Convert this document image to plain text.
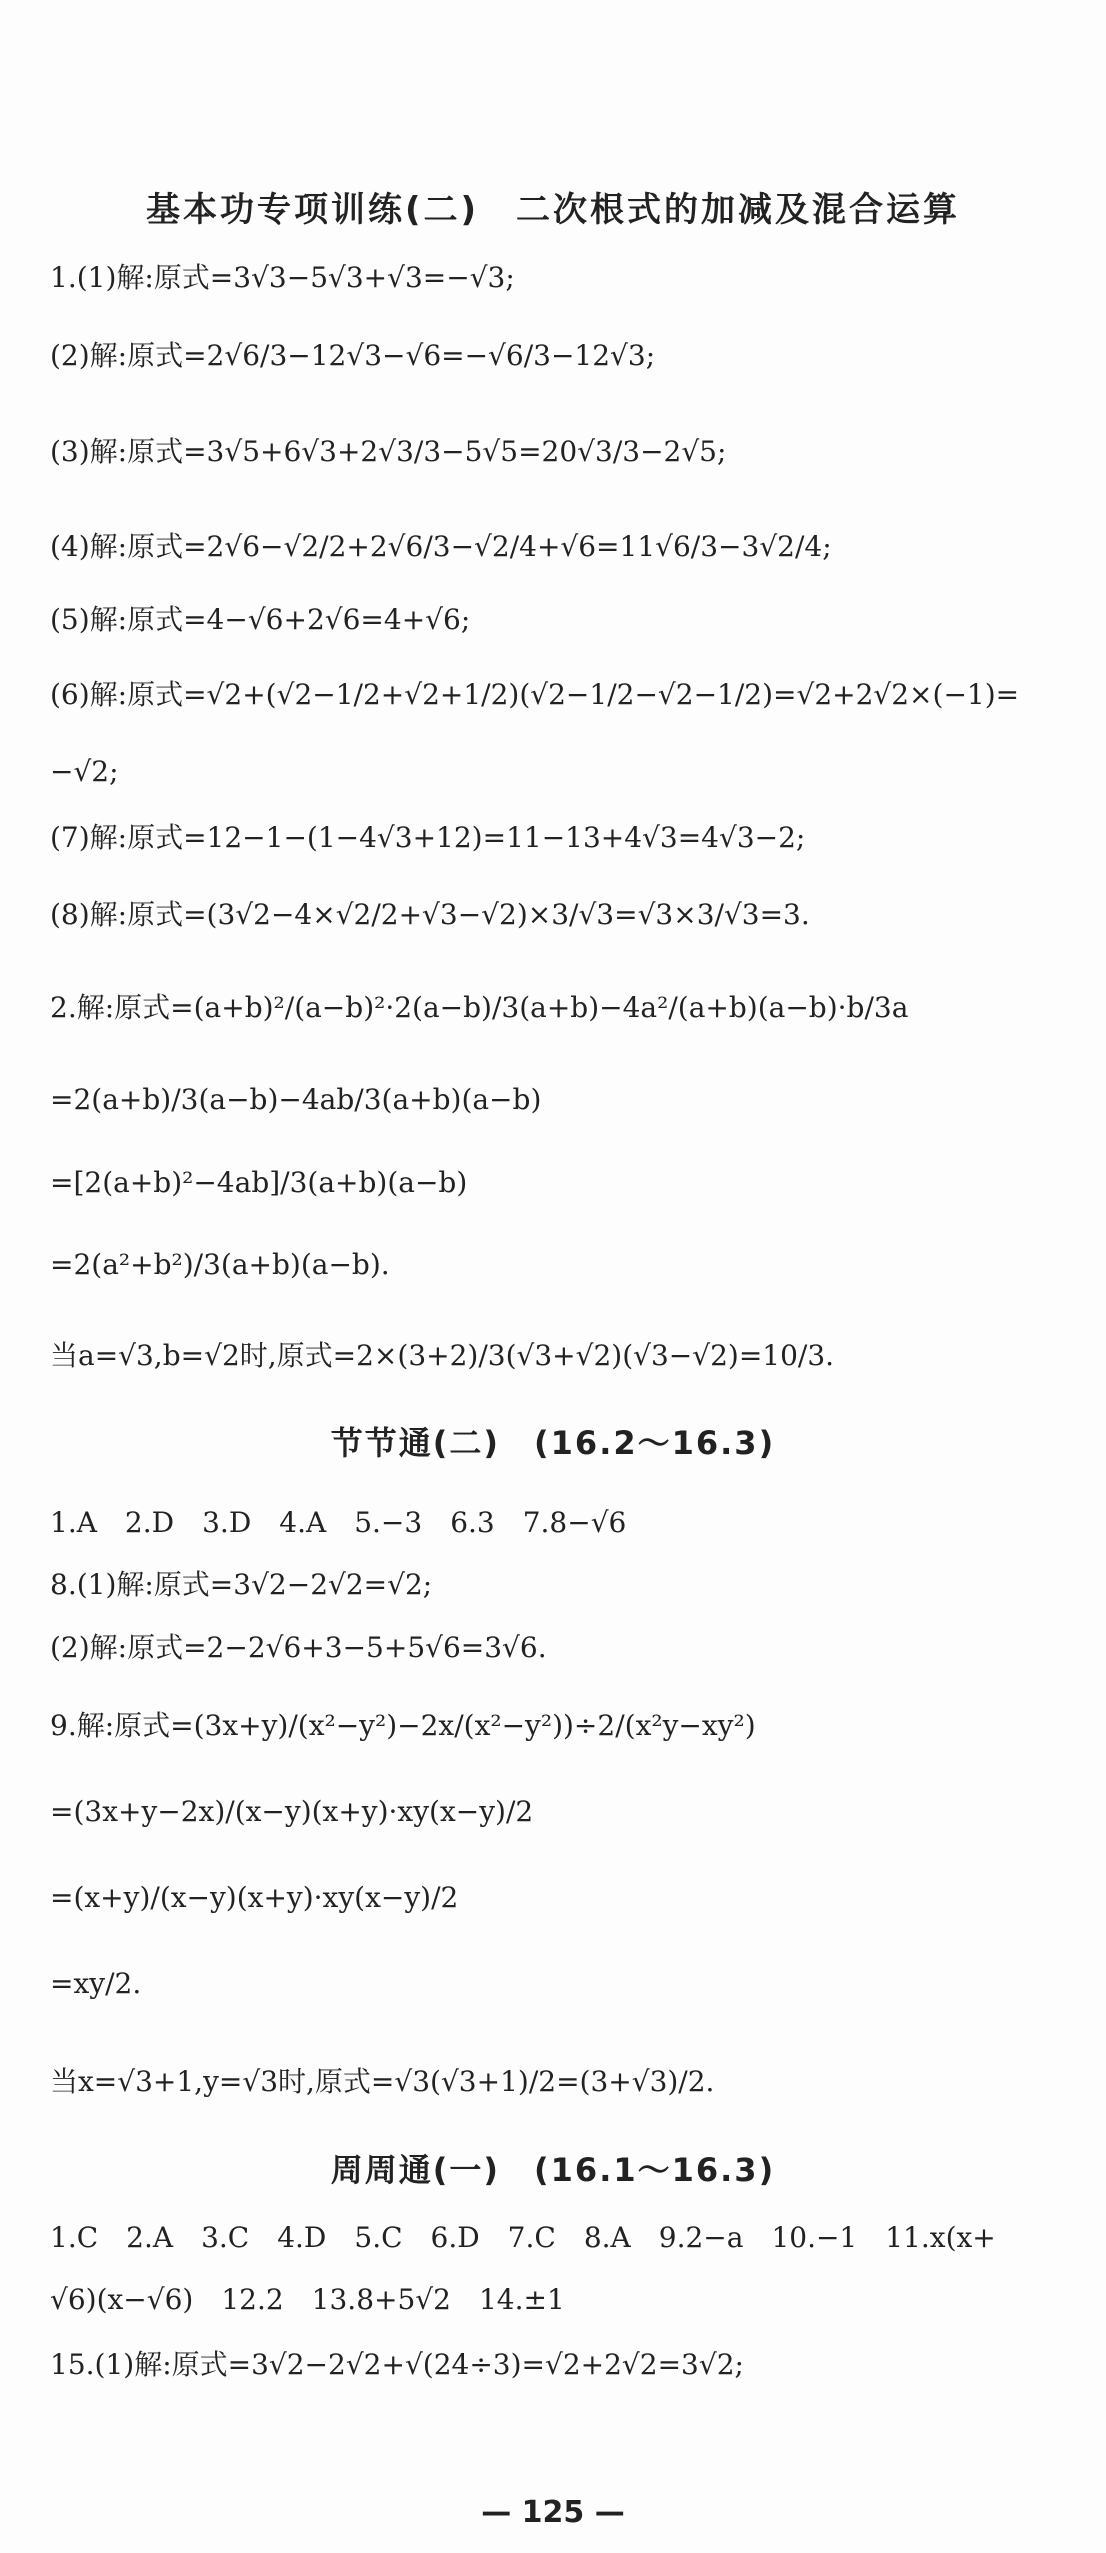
基本功专项训练(二)　二次根式的加减及混合运算
1.(1)解:原式=3√3−5√3+√3=−√3;
(2)解:原式=2√6/3−12√3−√6=−√6/3−12√3;
(3)解:原式=3√5+6√3+2√3/3−5√5=20√3/3−2√5;
(4)解:原式=2√6−√2/2+2√6/3−√2/4+√6=11√6/3−3√2/4;
(5)解:原式=4−√6+2√6=4+√6;
(6)解:原式=√2+(√2−1/2+√2+1/2)(√2−1/2−√2−1/2)=√2+2√2×(−1)=
−√2;
(7)解:原式=12−1−(1−4√3+12)=11−13+4√3=4√3−2;
(8)解:原式=(3√2−4×√2/2+√3−√2)×3/√3=√3×3/√3=3.
2.解:原式=(a+b)²/(a−b)²·2(a−b)/3(a+b)−4a²/(a+b)(a−b)·b/3a
=2(a+b)/3(a−b)−4ab/3(a+b)(a−b)
=[2(a+b)²−4ab]/3(a+b)(a−b)
=2(a²+b²)/3(a+b)(a−b).
当a=√3,b=√2时,原式=2×(3+2)/3(√3+√2)(√3−√2)=10/3.
节节通(二)　(16.2～16.3)
1.A　2.D　3.D　4.A　5.−3　6.3　7.8−√6
8.(1)解:原式=3√2−2√2=√2;
(2)解:原式=2−2√6+3−5+5√6=3√6.
9.解:原式=(3x+y)/(x²−y²)−2x/(x²−y²))÷2/(x²y−xy²)
=(3x+y−2x)/(x−y)(x+y)·xy(x−y)/2
=(x+y)/(x−y)(x+y)·xy(x−y)/2
=xy/2.
当x=√3+1,y=√3时,原式=√3(√3+1)/2=(3+√3)/2.
周周通(一)　(16.1～16.3)
1.C　2.A　3.C　4.D　5.C　6.D　7.C　8.A　9.2−a　10.−1　11.x(x+
√6)(x−√6)　12.2　13.8+5√2　14.±1
15.(1)解:原式=3√2−2√2+√(24÷3)=√2+2√2=3√2;
— 125 —
